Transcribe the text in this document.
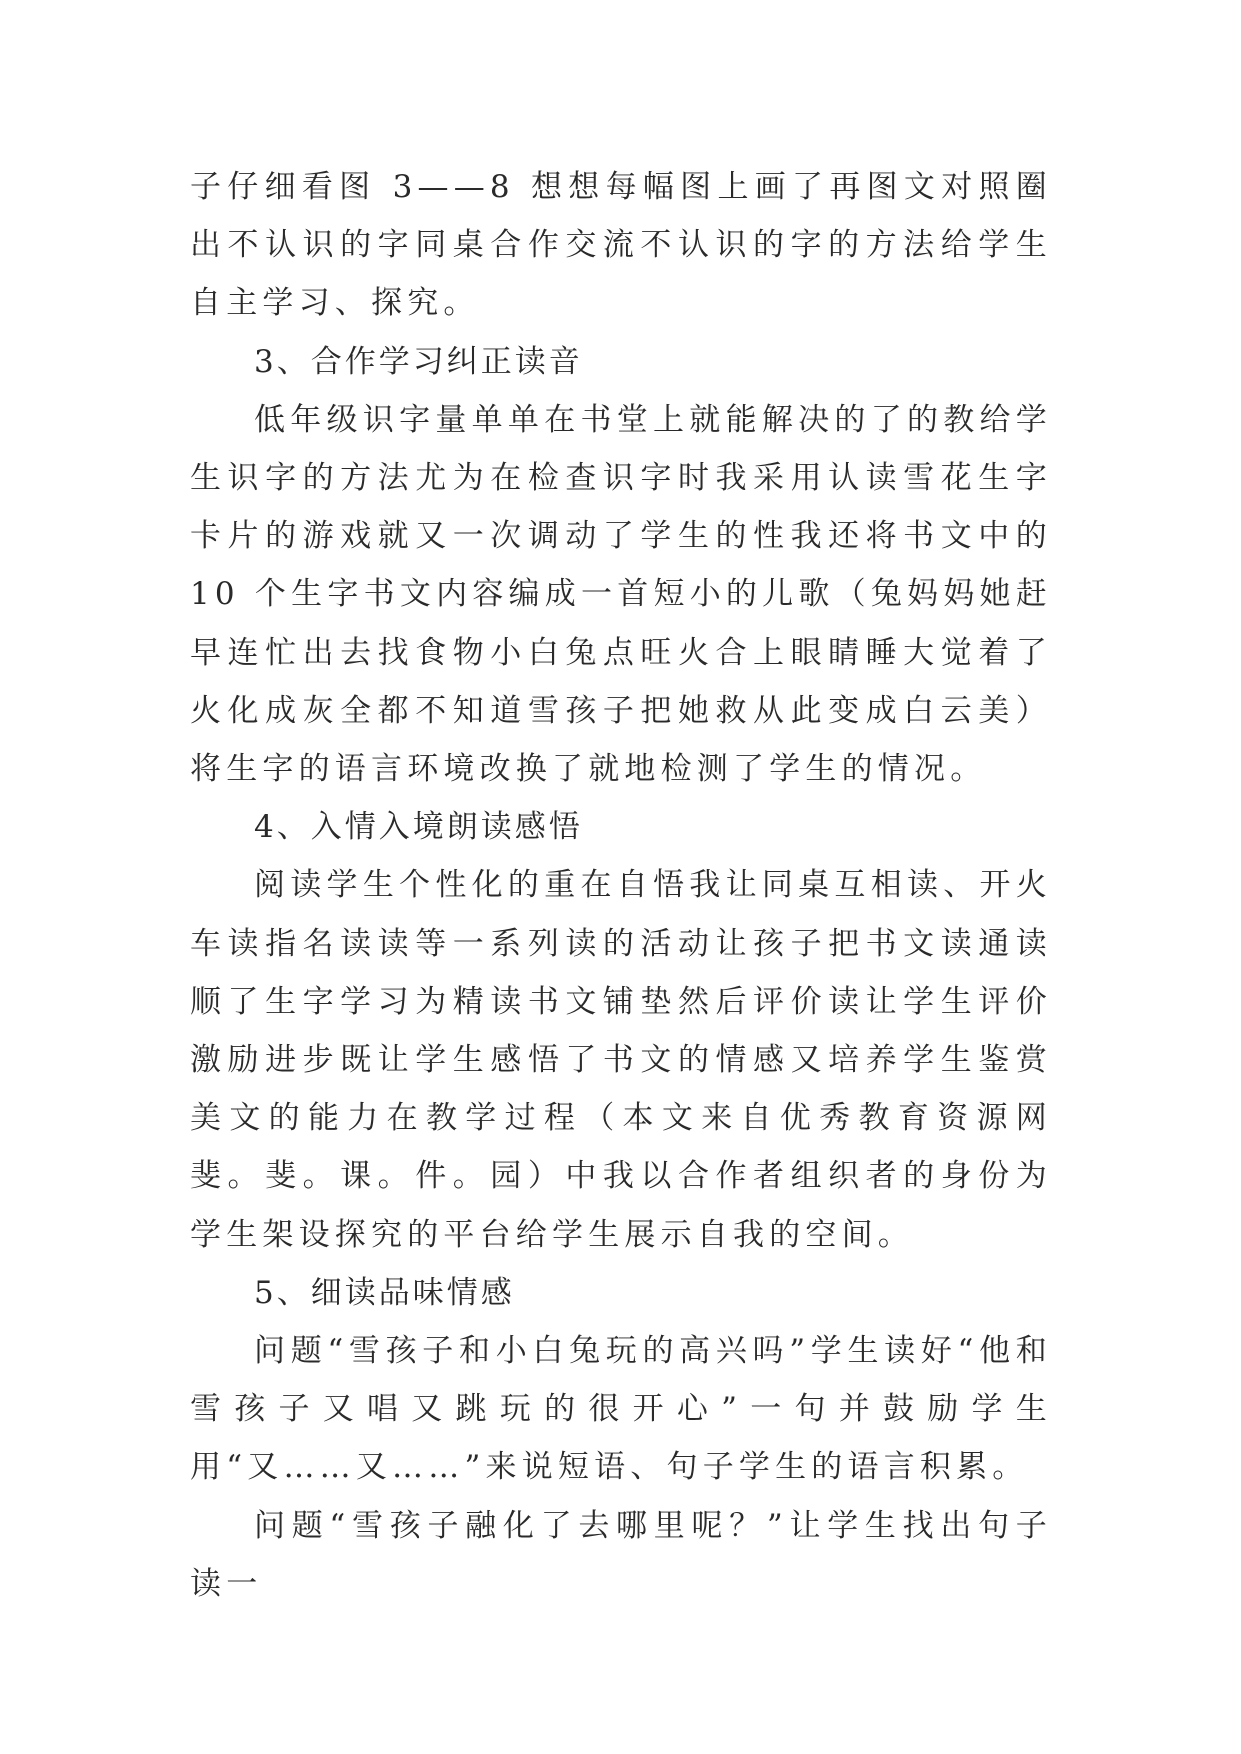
子仔细看图 3——8 想想每幅图上画了再图文对照圈出不认识的字同桌合作交流不认识的字的方法给学生自主学习、探究。

3、合作学习纠正读音

低年级识字量单单在书堂上就能解决的了的教给学生识字的方法尤为在检查识字时我采用认读雪花生字卡片的游戏就又一次调动了学生的性我还将书文中的 10 个生字书文内容编成一首短小的儿歌（兔妈妈她赶早连忙出去找食物小白兔点旺火合上眼睛睡大觉着了火化成灰全都不知道雪孩子把她救从此变成白云美）将生字的语言环境改换了就地检测了学生的情况。

4、入情入境朗读感悟

阅读学生个性化的重在自悟我让同桌互相读、开火车读指名读读等一系列读的活动让孩子把书文读通读顺了生字学习为精读书文铺垫然后评价读让学生评价激励进步既让学生感悟了书文的情感又培养学生鉴赏美文的能力在教学过程（本文来自优秀教育资源网斐。斐。课。件。园）中我以合作者组织者的身份为学生架设探究的平台给学生展示自我的空间。

5、细读品味情感

问题“雪孩子和小白兔玩的高兴吗”学生读好“他和雪孩子又唱又跳玩的很开心”一句并鼓励学生用“又……又……”来说短语、句子学生的语言积累。

问题“雪孩子融化了去哪里呢？”让学生找出句子读一
